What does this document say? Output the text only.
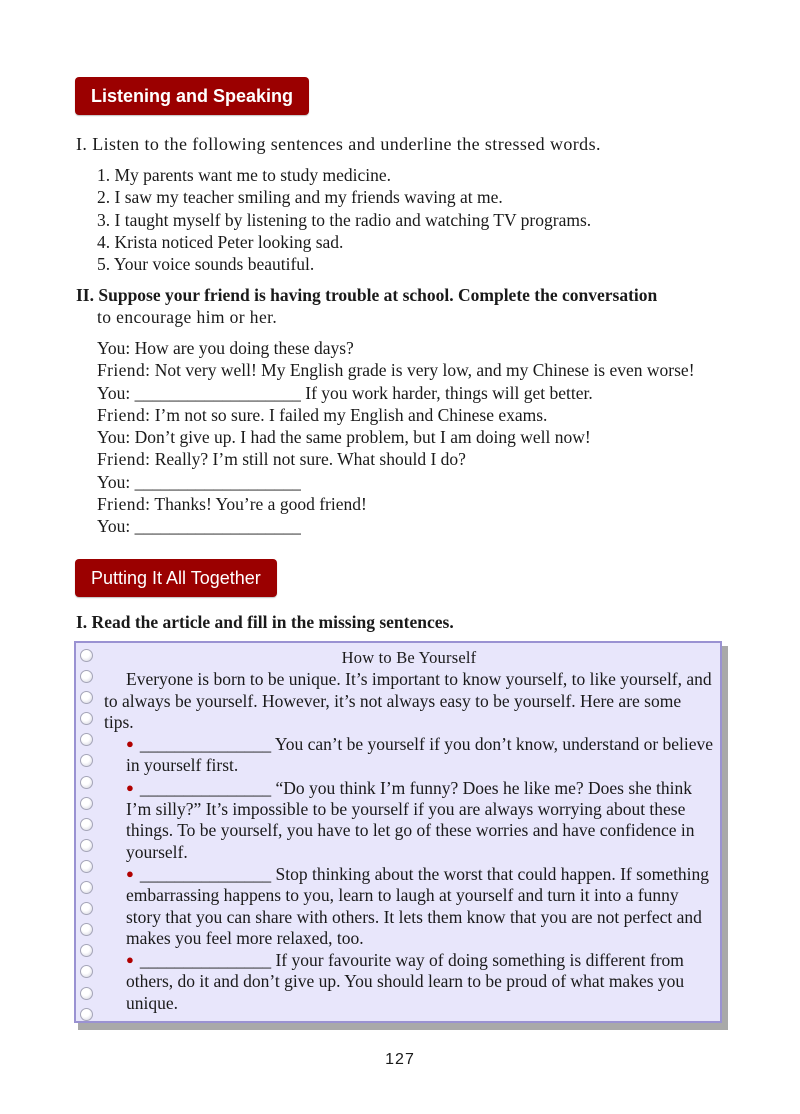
Listening and Speaking
I. Listen to the following sentences and underline the stressed words.
1. My parents want me to study medicine.
2. I saw my teacher smiling and my friends waving at me.
3. I taught myself by listening to the radio and watching TV programs.
4. Krista noticed Peter looking sad.
5. Your voice sounds beautiful.
II. Suppose your friend is having trouble at school. Complete the conversation
to encourage him or her.
You: How are you doing these days?
Friend: Not very well! My English grade is very low, and my Chinese is even worse!
You: ___________________ If you work harder, things will get better.
Friend: I’m not so sure. I failed my English and Chinese exams.
You: Don’t give up. I had the same problem, but I am doing well now!
Friend: Really? I’m still not sure. What should I do?
You: ___________________
Friend: Thanks! You’re a good friend!
You: ___________________
Putting It All Together
I. Read the article and fill in the missing sentences.
How to Be Yourself
Everyone is born to be unique. It’s important to know yourself, to like yourself, and to always be yourself. However, it’s not always easy to be yourself. Here are some tips.
● _______________ You can’t be yourself if you don’t know, understand or believe in yourself first.
● _______________ “Do you think I’m funny? Does he like me? Does she think I’m silly?” It’s impossible to be yourself if you are always worrying about these things. To be yourself, you have to let go of these worries and have confidence in yourself.
● _______________ Stop thinking about the worst that could happen. If something embarrassing happens to you, learn to laugh at yourself and turn it into a funny story that you can share with others. It lets them know that you are not perfect and makes you feel more relaxed, too.
● _______________ If your favourite way of doing something is different from others, do it and don’t give up. You should learn to be proud of what makes you unique.
127
